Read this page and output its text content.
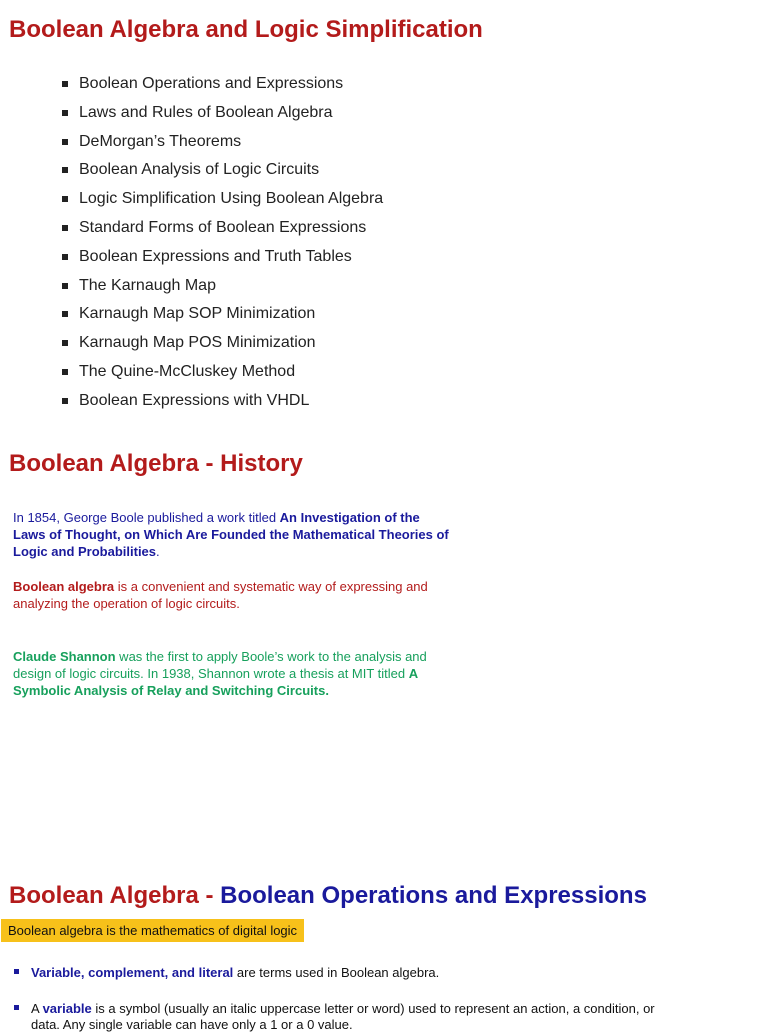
Boolean Algebra and Logic Simplification
Boolean Operations and Expressions
Laws and Rules of Boolean Algebra
DeMorgan’s Theorems
Boolean Analysis of Logic Circuits
Logic Simplification Using Boolean Algebra
Standard Forms of Boolean Expressions
Boolean Expressions and Truth Tables
The Karnaugh Map
Karnaugh Map SOP Minimization
Karnaugh Map POS Minimization
The Quine-McCluskey Method
Boolean Expressions with VHDL
Boolean Algebra - History
In 1854, George Boole published a work titled An Investigation of the Laws of Thought, on Which Are Founded the Mathematical Theories of Logic and Probabilities.
Boolean algebra is a convenient and systematic way of expressing and analyzing the operation of logic circuits.
Claude Shannon was the first to apply Boole’s work to the analysis and design of logic circuits. In 1938, Shannon wrote a thesis at MIT titled A Symbolic Analysis of Relay and Switching Circuits.
Boolean Algebra - Boolean Operations and Expressions
Boolean algebra is the mathematics of digital logic
Variable, complement, and literal are terms used in Boolean algebra.
A variable is a symbol (usually an italic uppercase letter or word) used to represent an action, a condition, or
data. Any single variable can have only a 1 or a 0 value.
